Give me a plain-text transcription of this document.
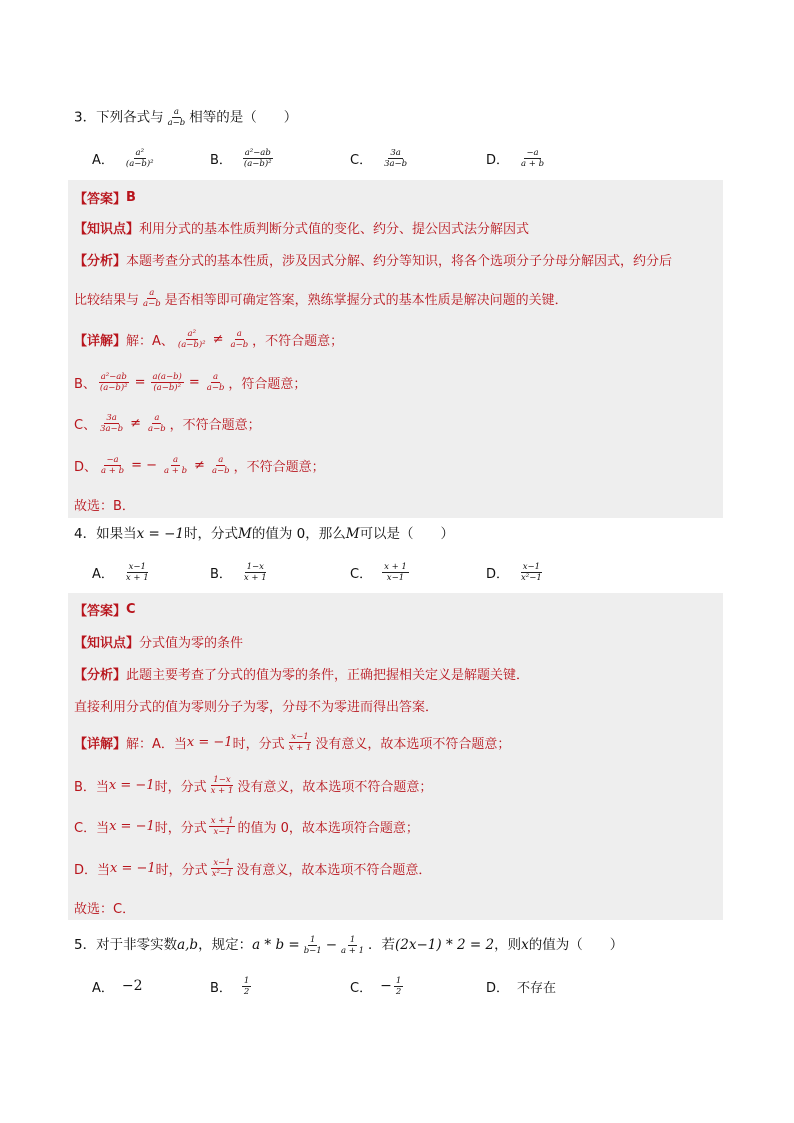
3．下列各式与 $\frac{a}{a-b}$ 相等的是（　　）
A． $\frac{\text{a²}}{\text{(a−b)²}}$	B． $\frac{\text{a²−ab}}{\text{(a−b)²}}$	C． $\frac{3a}{3a-b}$	D． $\frac{-a}{a + b}$
【答案】 B
【知识点】 利用分式的基本性质判断分式值的变化、约分、提公因式法分解因式
【分析】 本题考查分式的基本性质，涉及因式分解、约分等知识，将各个选项分子分母分解因式，约分后
比较结果与 $\frac{a}{a-b}$ 是否相等即可确定答案，熟练掌握分式的基本性质是解决问题的关键．
【详解】 解：A、 $\frac{\text{a²}}{\text{(a−b)²}} \ne \frac{a}{a-b}$ ，不符合题意；
B、 $\frac{\text{a²−ab}}{\text{(a−b)²}} = \frac{a(a-b)}{\text{(a−b)²}} = \frac{a}{a-b}$ ，符合题意；
C、 $\frac{3a}{3a-b} \ne \frac{a}{a-b}$ ，不符合题意；
D、 $\frac{-a}{a + b}$ = − $\frac{a}{a + b} \ne \frac{a}{a-b}$ ，不符合题意；
故选：B．
4．如果当x = −1时，分式M的值为 0，那么M可以是（　　）
A． $\frac{x-1}{x + 1}$	B． $\frac{1-x}{x + 1}$	C． $\frac{x + 1}{x-1}$	D． $\frac{x-1}{\text{x²−1}}$
【答案】 C
【知识点】 分式值为零的条件
【分析】 此题主要考查了分式的值为零的条件，正确把握相关定义是解题关键．
直接利用分式的值为零则分子为零，分母不为零进而得出答案．
【详解】 解：A．当 x = −1 时，分式 $\frac{x-1}{x + 1}$ 没有意义，故本选项不符合题意；
B．当 x = −1 时，分式 $\frac{1-x}{x + 1}$ 没有意义，故本选项不符合题意；
C．当 x = −1 时，分式 $\frac{x + 1}{x-1}$ 的值为 0，故本选项符合题意；
D．当 x = −1 时，分式 $\frac{x-1}{\text{x²−1}}$ 没有意义，故本选项不符合题意．
故选：C．
5． 对于非零实数 a,b ，规定： $a * b = \frac{1}{b-1} - \frac{1}{a + 1}$ ．若 (2x−1) * 2 = 2 ，则 x 的值为（　　）
A． −2	B． $\frac{1}{2}$	C． − $\frac{1}{2}$	D． 不存在
